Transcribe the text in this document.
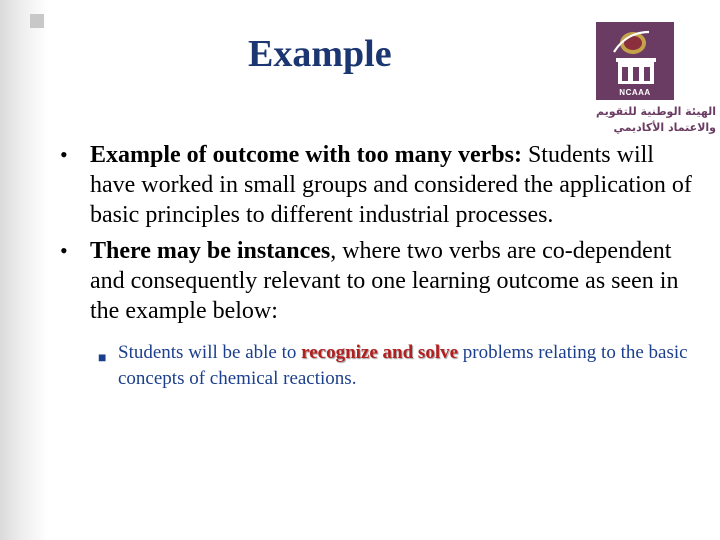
Example
NCAAA
الهيئة الوطنية للتقويم
والاعتماد الأكاديمي
• Example of outcome with too many verbs: Students will have worked in small groups and considered the application of basic principles to different industrial processes.
• There may be instances, where two verbs are co-dependent and consequently relevant to one learning outcome as seen in the example below:
■ Students will be able to recognize and solve problems relating to the basic concepts of chemical reactions.
